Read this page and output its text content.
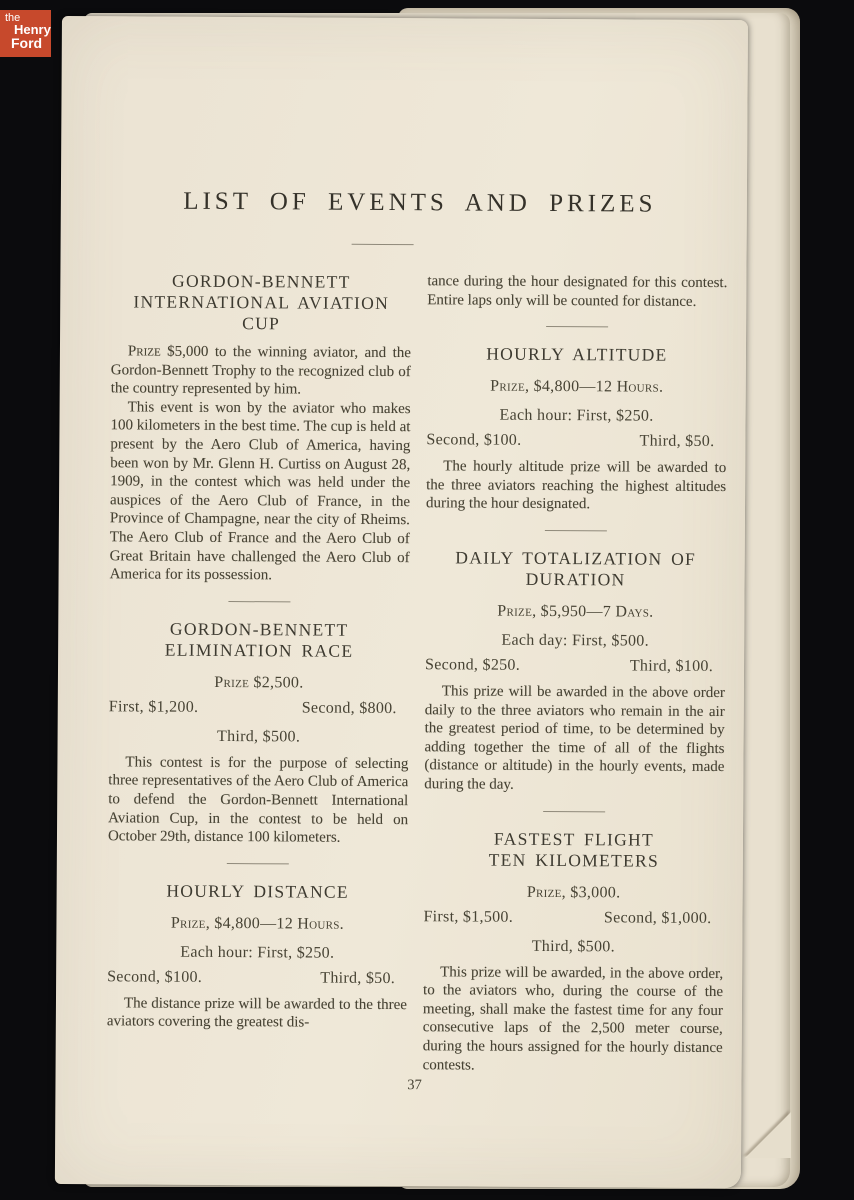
LIST OF EVENTS AND PRIZES
GORDON-BENNETT
INTERNATIONAL AVIATION
CUP

Prize $5,000 to the winning aviator, and the Gordon-Bennett Trophy to the recognized club of the country represented by him.

This event is won by the aviator who makes 100 kilometers in the best time. The cup is held at present by the Aero Club of America, having been won by Mr. Glenn H. Curtiss on August 28, 1909, in the contest which was held under the auspices of the Aero Club of France, in the Province of Champagne, near the city of Rheims. The Aero Club of France and the Aero Club of Great Britain have challenged the Aero Club of America for its possession.

GORDON-BENNETT
ELIMINATION RACE

Prize $2,500.

First, $1,200.	Second, $800.

Third, $500.

This contest is for the purpose of selecting three representatives of the Aero Club of America to defend the Gordon-Bennett International Aviation Cup, in the contest to be held on October 29th, distance 100 kilometers.

HOURLY DISTANCE

Prize, $4,800—12 Hours.

Each hour: First, $250.

Second, $100.	Third, $50.

The distance prize will be awarded to the three aviators covering the greatest dis-

tance during the hour designated for this contest. Entire laps only will be counted for distance.

HOURLY ALTITUDE

Prize, $4,800—12 Hours.

Each hour: First, $250.

Second, $100.	Third, $50.

The hourly altitude prize will be awarded to the three aviators reaching the highest altitudes during the hour designated.

DAILY TOTALIZATION OF
DURATION

Prize, $5,950—7 Days.

Each day: First, $500.

Second, $250.	Third, $100.

This prize will be awarded in the above order daily to the three aviators who remain in the air the greatest period of time, to be determined by adding together the time of all of the flights (distance or altitude) in the hourly events, made during the day.

FASTEST FLIGHT
TEN KILOMETERS

Prize, $3,000.

First, $1,500.	Second, $1,000.

Third, $500.

This prize will be awarded, in the above order, to the aviators who, during the course of the meeting, shall make the fastest time for any four consecutive laps of the 2,500 meter course, during the hours assigned for the hourly distance contests.

37
the
Henry
Ford
